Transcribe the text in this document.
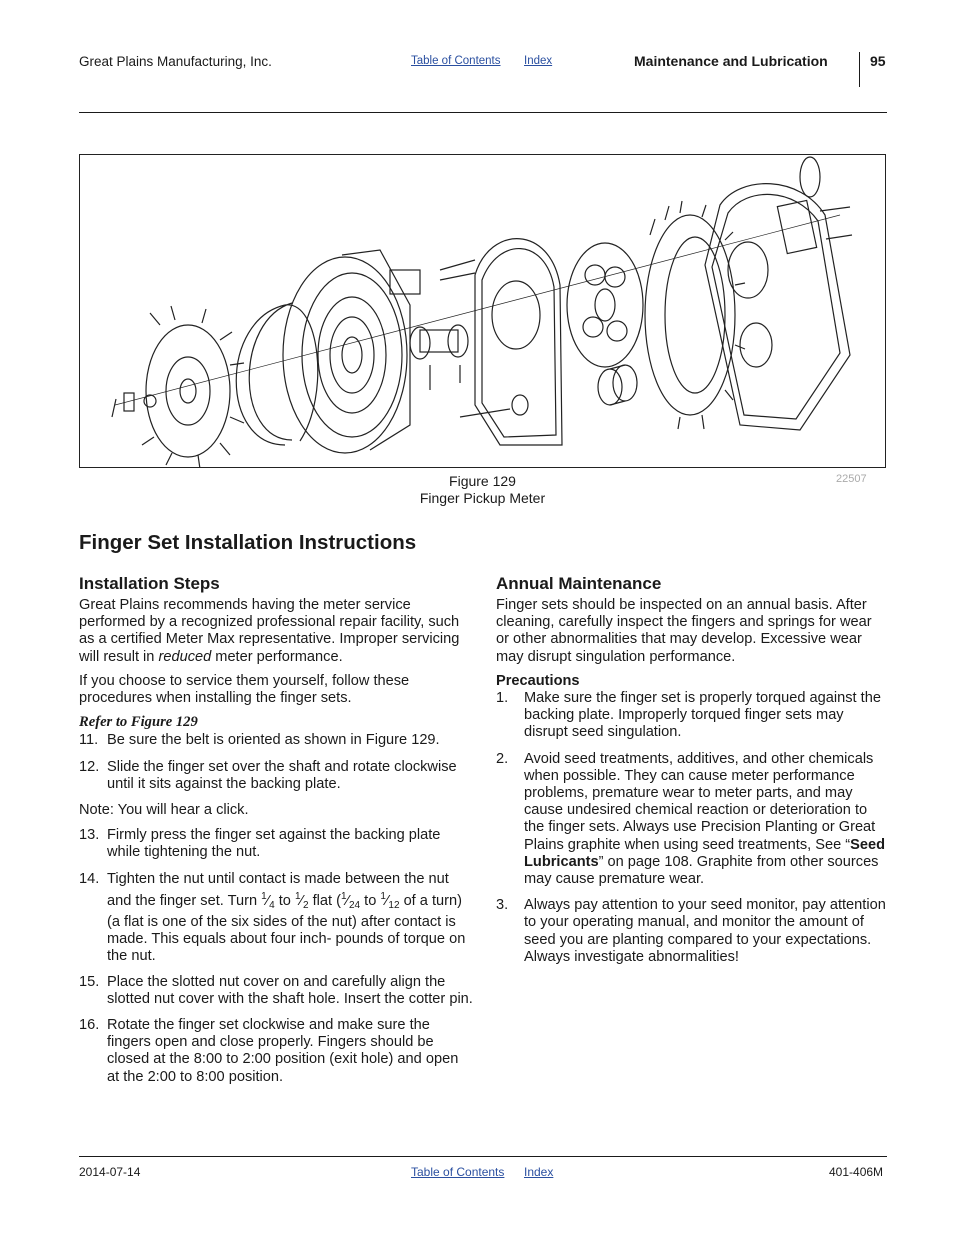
Great Plains Manufacturing, Inc.	Table of Contents Index	Maintenance and Lubrication	95
Figure 129
Finger Pickup Meter
22507
Finger Set Installation Instructions
Installation Steps

Great Plains recommends having the meter service performed by a recognized professional repair facility, such as a certified Meter Max representative. Improper servicing will result in reduced meter performance.

If you choose to service them yourself, follow these procedures when installing the finger sets.

Refer to Figure 129

11. Be sure the belt is oriented as shown in Figure 129.
12. Slide the finger set over the shaft and rotate clockwise until it sits against the backing plate.

Note: You will hear a click.

13. Firmly press the finger set against the backing plate while tightening the nut.
14. Tighten the nut until contact is made between the nut and the finger set. Turn $^1⁄_4$ to $^1⁄_2$ flat ($^1⁄_{24}$ to $^1⁄_{12}$ of a turn) (a flat is one of the six sides of the nut) after contact is made. This equals about four inch- pounds of torque on the nut.
15. Place the slotted nut cover on and carefully align the slotted nut cover with the shaft hole. Insert the cotter pin.
16. Rotate the finger set clockwise and make sure the fingers open and close properly. Fingers should be closed at the 8:00 to 2:00 position (exit hole) and open at the 2:00 to 8:00 position.
Annual Maintenance

Finger sets should be inspected on an annual basis. After cleaning, carefully inspect the fingers and springs for wear or other abnormalities that may develop. Excessive wear may disrupt singulation performance.

Precautions

1. Make sure the finger set is properly torqued against the backing plate. Improperly torqued finger sets may disrupt seed singulation.
2. Avoid seed treatments, additives, and other chemicals when possible. They can cause meter performance problems, premature wear to meter parts, and may cause undesired chemical reaction or deterioration to the finger sets. Always use Precision Planting or Great Plains graphite when using seed treatments, See “Seed Lubricants” on page 108. Graphite from other sources may cause premature wear.
3. Always pay attention to your seed monitor, pay attention to your operating manual, and monitor the amount of seed you are planting compared to your expectations. Always investigate abnormalities!
2014-07-14	Table of Contents Index	401-406M
